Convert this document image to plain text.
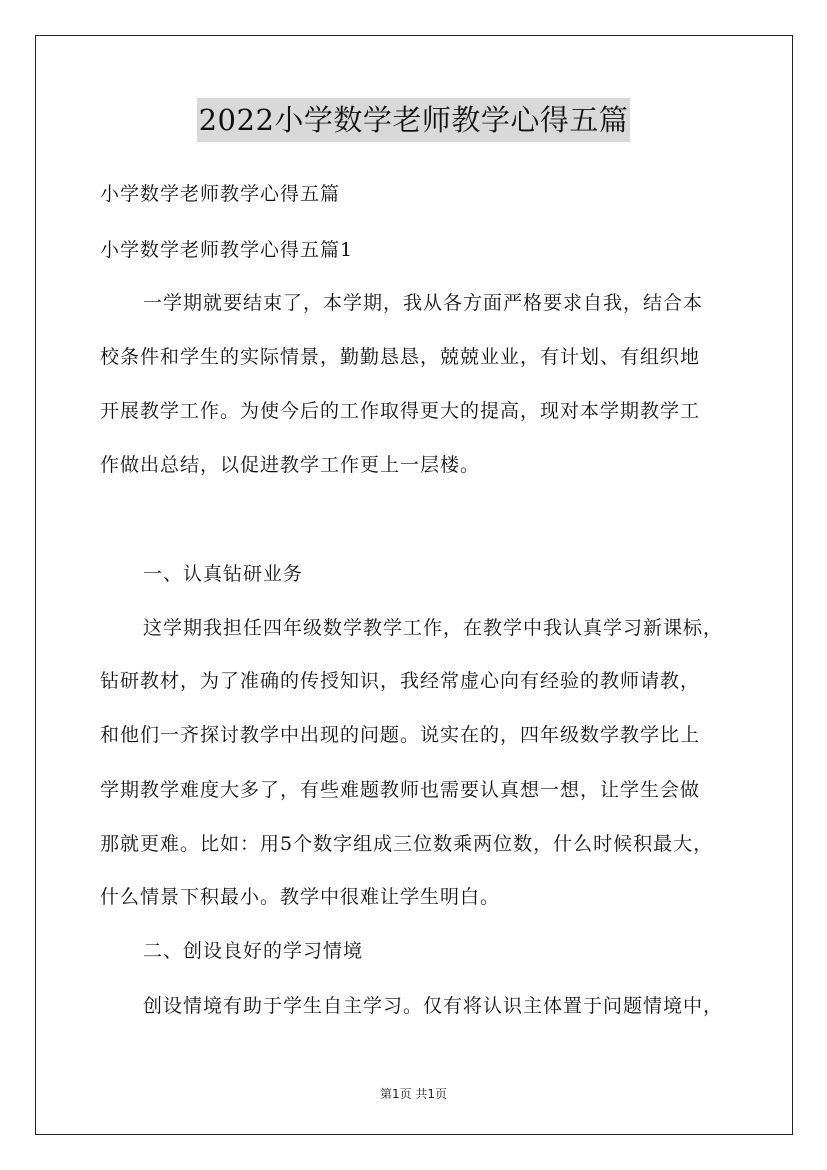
2022小学数学老师教学心得五篇
小学数学老师教学心得五篇
小学数学老师教学心得五篇1
一学期就要结束了，本学期，我从各方面严格要求自我，结合本
校条件和学生的实际情景，勤勤恳恳，兢兢业业，有计划、有组织地
开展教学工作。为使今后的工作取得更大的提高，现对本学期教学工
作做出总结，以促进教学工作更上一层楼。
一、认真钻研业务
这学期我担任四年级数学教学工作，在教学中我认真学习新课标，
钻研教材，为了准确的传授知识，我经常虚心向有经验的教师请教，
和他们一齐探讨教学中出现的问题。说实在的，四年级数学教学比上
学期教学难度大多了，有些难题教师也需要认真想一想，让学生会做
那就更难。比如：用5个数字组成三位数乘两位数，什么时候积最大，
什么情景下积最小。教学中很难让学生明白。
二、创设良好的学习情境
创设情境有助于学生自主学习。仅有将认识主体置于问题情境中，
第1页 共1页
